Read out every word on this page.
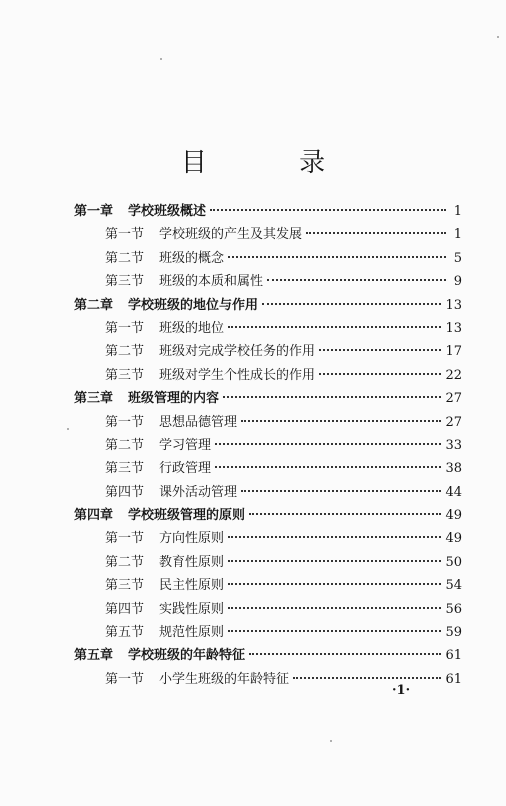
目 录
第一章	学校班级概述	1
第一节	学校班级的产生及其发展	1
第二节	班级的概念	5
第三节	班级的本质和属性	9
第二章	学校班级的地位与作用	13
第一节	班级的地位	13
第二节	班级对完成学校任务的作用	17
第三节	班级对学生个性成长的作用	22
第三章	班级管理的内容	27
第一节	思想品德管理	27
第二节	学习管理	33
第三节	行政管理	38
第四节	课外活动管理	44
第四章	学校班级管理的原则	49
第一节	方向性原则	49
第二节	教育性原则	50
第三节	民主性原则	54
第四节	实践性原则	56
第五节	规范性原则	59
第五章	学校班级的年龄特征	61
第一节	小学生班级的年龄特征	61
·1·
